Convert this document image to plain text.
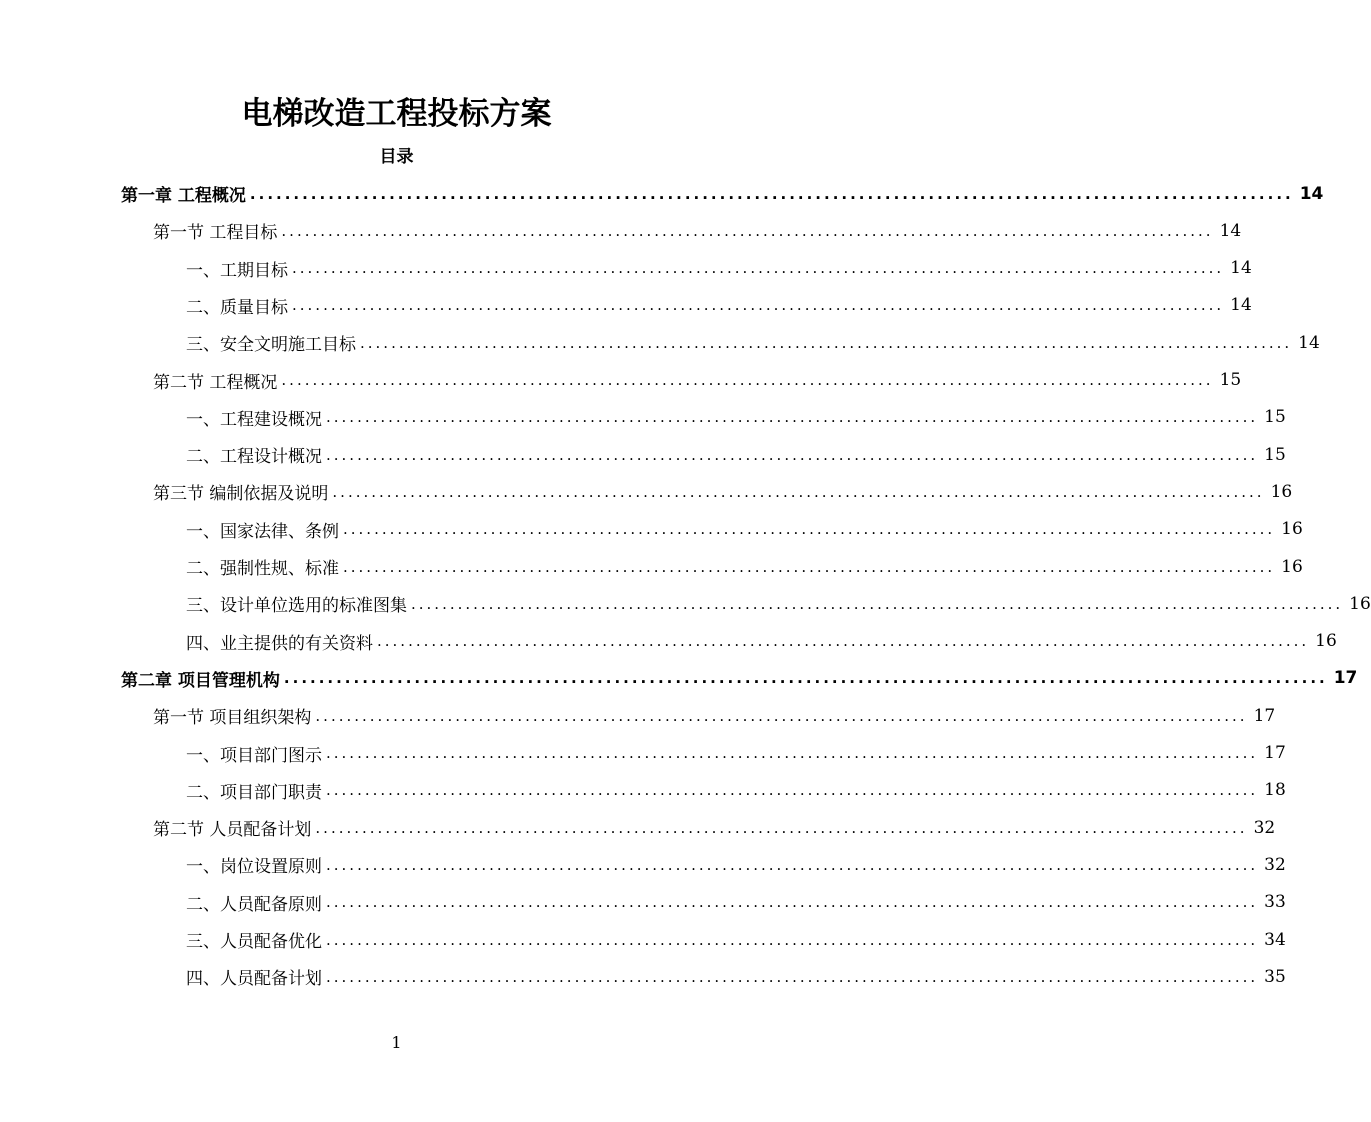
电梯改造工程投标方案
目录
第一章 工程概况 ........................................................................................................................ 14
第一节 工程目标 ........................................................................................................................ 14
一、工期目标 ........................................................................................................................ 14
二、质量目标 ........................................................................................................................ 14
三、安全文明施工目标 ........................................................................................................................ 14
第二节 工程概况 ........................................................................................................................ 15
一、工程建设概况 ........................................................................................................................ 15
二、工程设计概况 ........................................................................................................................ 15
第三节 编制依据及说明 ........................................................................................................................ 16
一、国家法律、条例 ........................................................................................................................ 16
二、强制性规、标准 ........................................................................................................................ 16
三、设计单位选用的标准图集 ........................................................................................................................ 16
四、业主提供的有关资料 ........................................................................................................................ 16
第二章 项目管理机构 ........................................................................................................................ 17
第一节 项目组织架构 ........................................................................................................................ 17
一、项目部门图示 ........................................................................................................................ 17
二、项目部门职责 ........................................................................................................................ 18
第二节 人员配备计划 ........................................................................................................................ 32
一、岗位设置原则 ........................................................................................................................ 32
二、人员配备原则 ........................................................................................................................ 33
三、人员配备优化 ........................................................................................................................ 34
四、人员配备计划 ........................................................................................................................ 35
1
